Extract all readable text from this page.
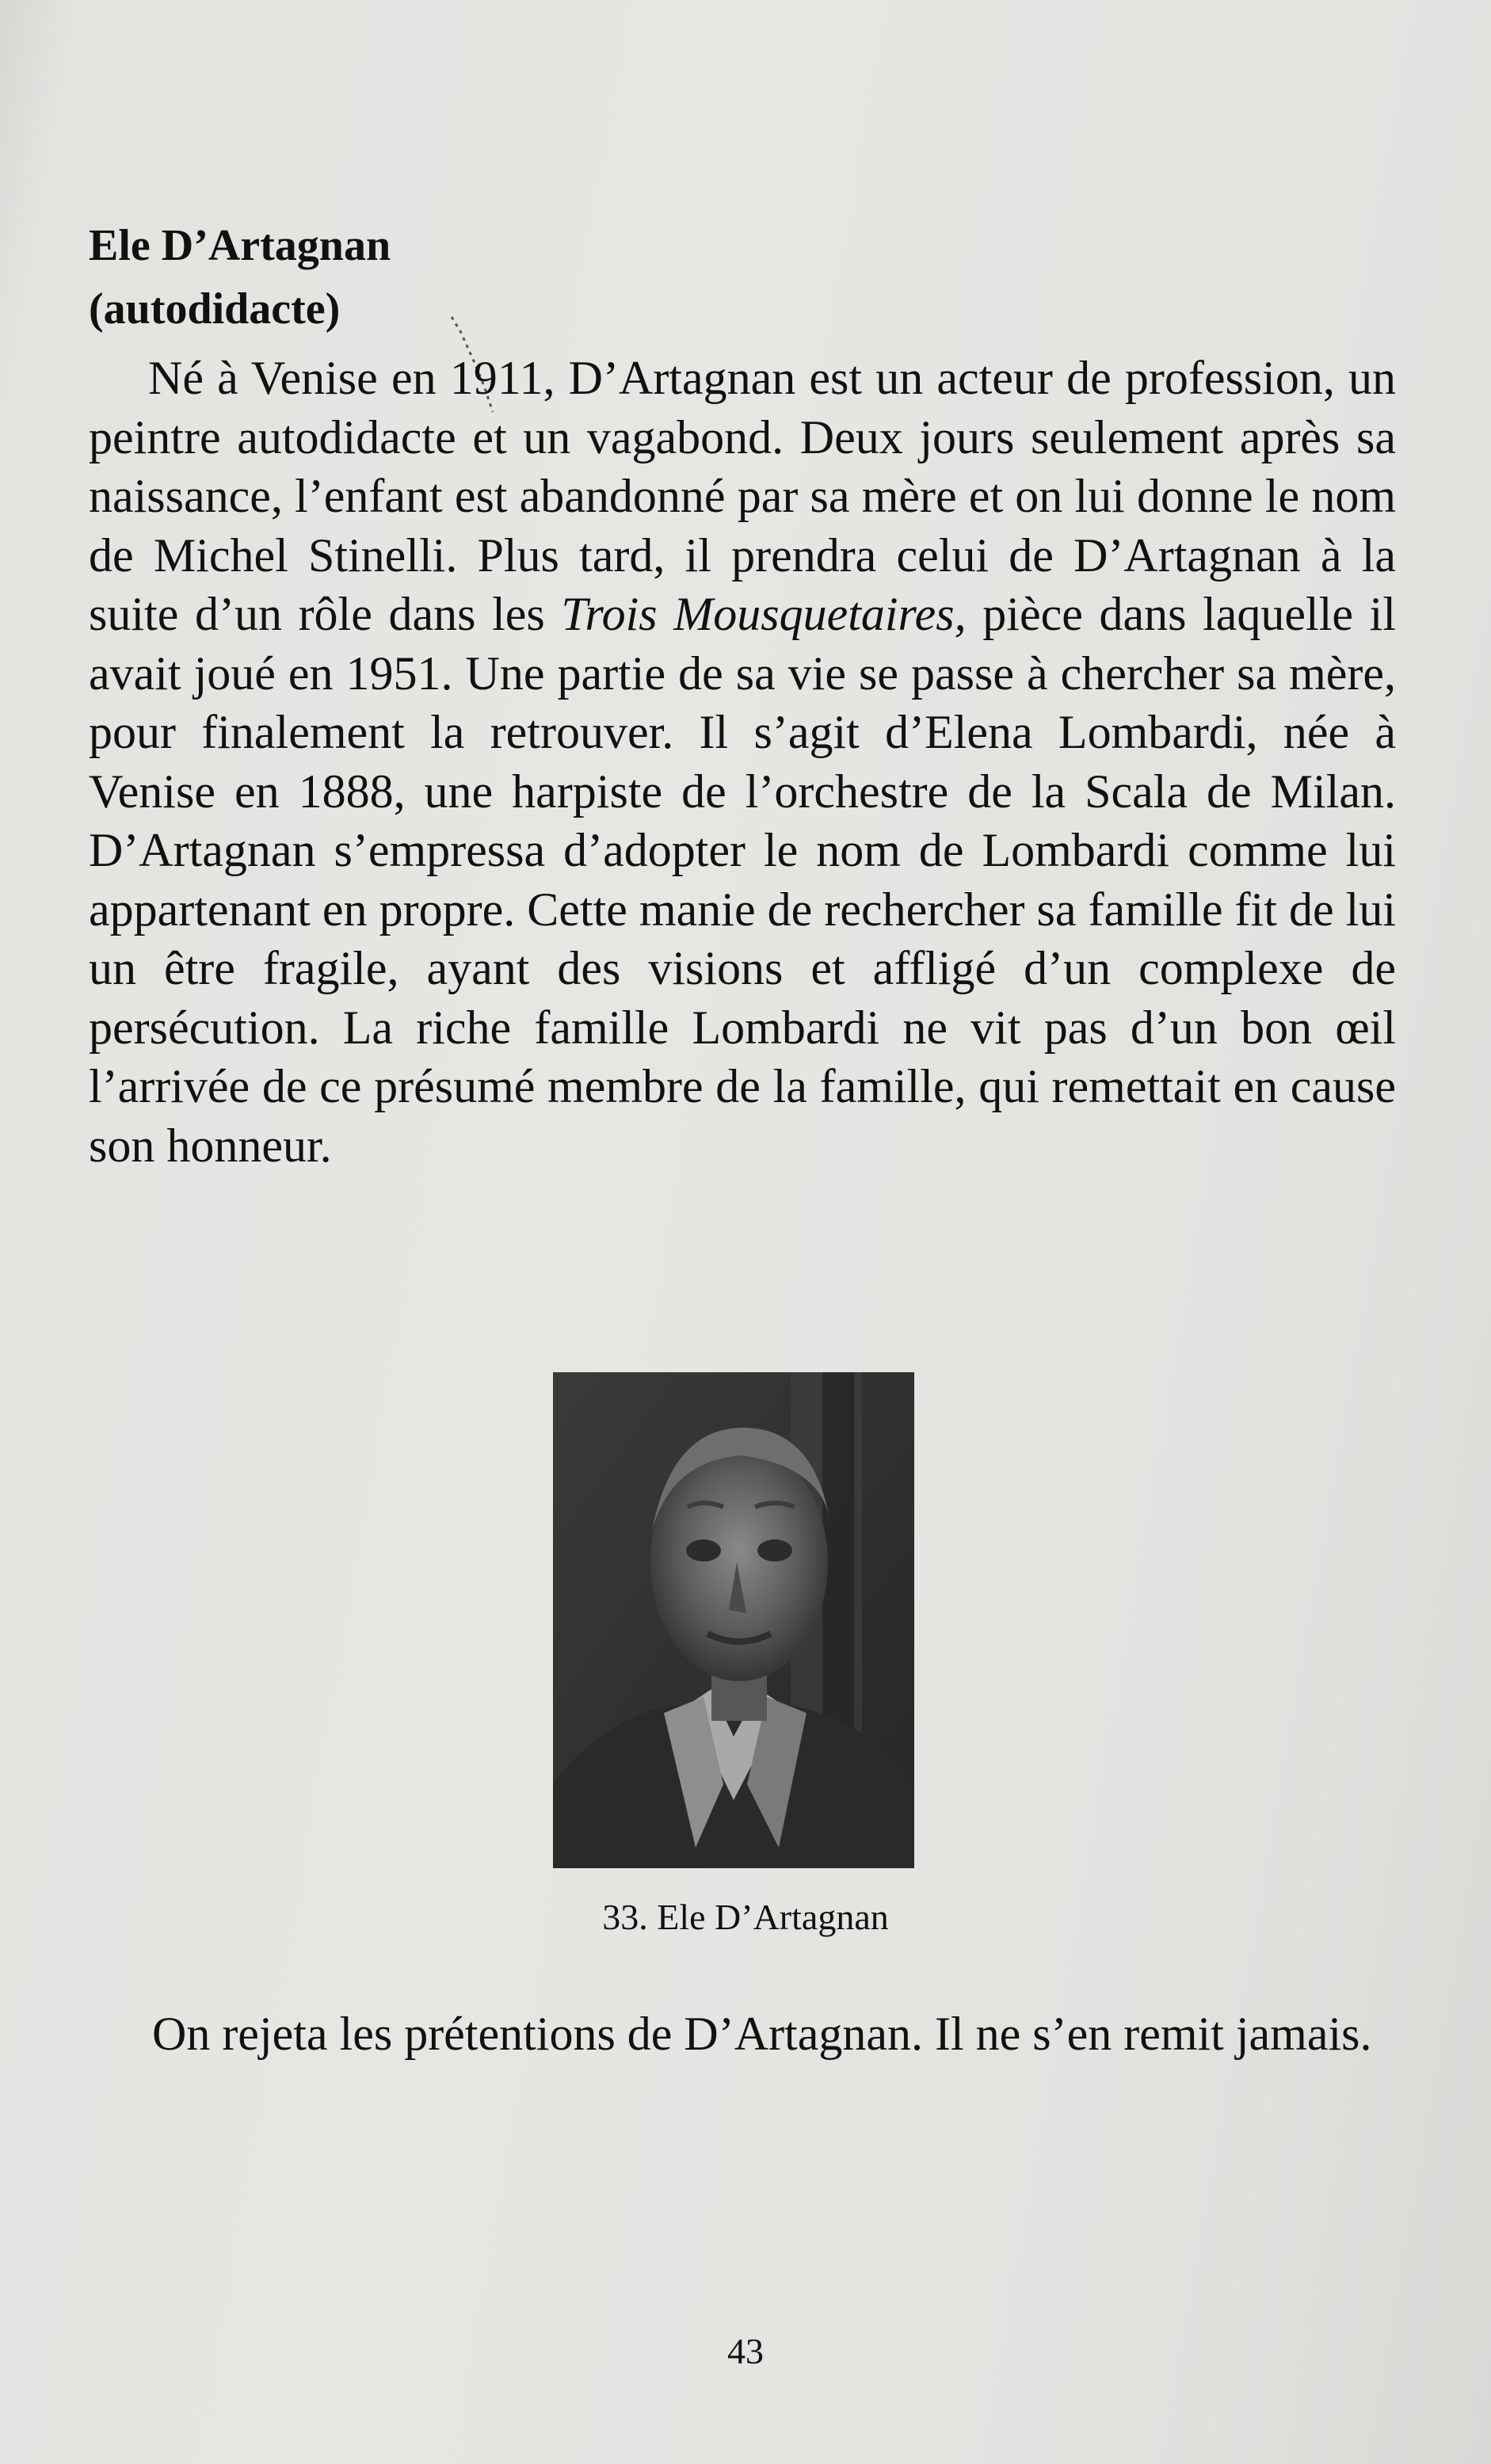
Ele D’Artagnan
(autodidacte)

Né à Venise en 1911, D’Artagnan est un acteur de profession, un peintre autodidacte et un vagabond. Deux jours seulement après sa naissance, l’enfant est abandonné par sa mère et on lui donne le nom de Michel Stinelli. Plus tard, il prendra celui de D’Artagnan à la suite d’un rôle dans les Trois Mousquetaires, pièce dans laquelle il avait joué en 1951. Une partie de sa vie se passe à chercher sa mère, pour finalement la retrouver. Il s’agit d’Elena Lombardi, née à Venise en 1888, une harpiste de l’orchestre de la Scala de Milan. D’Artagnan s’empressa d’adopter le nom de Lombardi comme lui appartenant en propre. Cette manie de rechercher sa famille fit de lui un être fragile, ayant des visions et affligé d’un complexe de persécution. La riche famille Lombardi ne vit pas d’un bon œil l’arrivée de ce présumé membre de la famille, qui remettait en cause son honneur.

33. Ele D’Artagnan

On rejeta les prétentions de D’Artagnan. Il ne s’en remit jamais.

43
